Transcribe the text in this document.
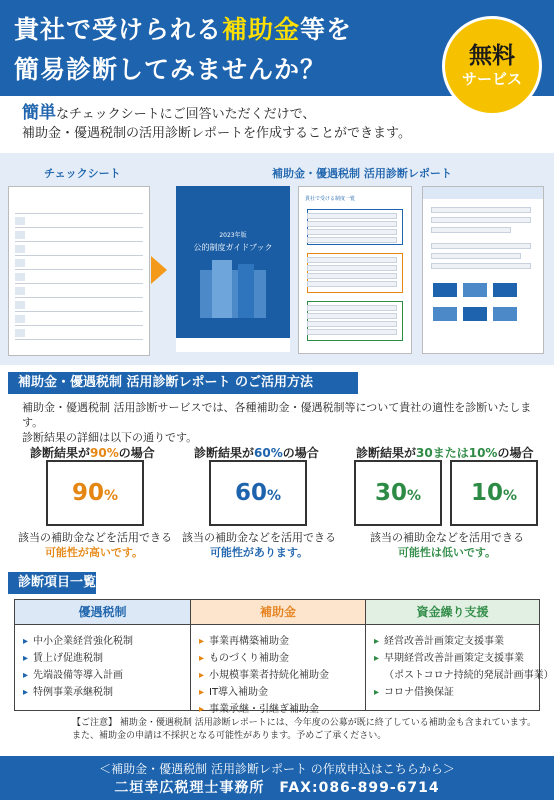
貴社で受けられる補助金等を
簡易診断してみませんか？	無料
サービス
簡単なチェックシートにご回答いただくだけで、
補助金・優遇税制の活用診断レポートを作成することができます。
チェックシート	補助金・優遇税制 活用診断レポート
2023年版
公的制度ガイドブック
貴社で受ける制度一覧
補助金・優遇税制 活用診断レポート のご活用方法
補助金・優遇税制 活用診断サービスでは、各種補助金・優遇税制等について貴社の適性を診断いたします。
診断結果の詳細は以下の通りです。
診断結果が90%の場合
90 %
該当の補助金などを活用できる
可能性が高いです。
診断結果が60%の場合
60 %
該当の補助金などを活用できる
可能性があります。
診断結果が30または10%の場合
30 % 10 %
該当の補助金などを活用できる
可能性は低いです。
診断項目一覧
優遇税制
▸ 中小企業経営強化税制
▸ 賃上げ促進税制
▸ 先端設備等導入計画
▸ 特例事業承継税制
補助金
▸ 事業再構築補助金
▸ ものづくり補助金
▸ 小規模事業者持続化補助金
▸ IT導入補助金
▸ 事業承継・引継ぎ補助金
資金繰り支援
▸ 経営改善計画策定支援事業
▸ 早期経営改善計画策定支援事業
（ポストコロナ持続的発展計画事業）
▸ コロナ借換保証
【ご注意】 補助金・優遇税制 活用診断レポートには、今年度の公募が既に終了している補助金も含まれています。
また、補助金の申請は不採択となる可能性があります。予めご了承ください。
＜補助金・優遇税制 活用診断レポート の作成申込はこちらから＞
二垣幸広税理士事務所　FAX:086-899-6714
